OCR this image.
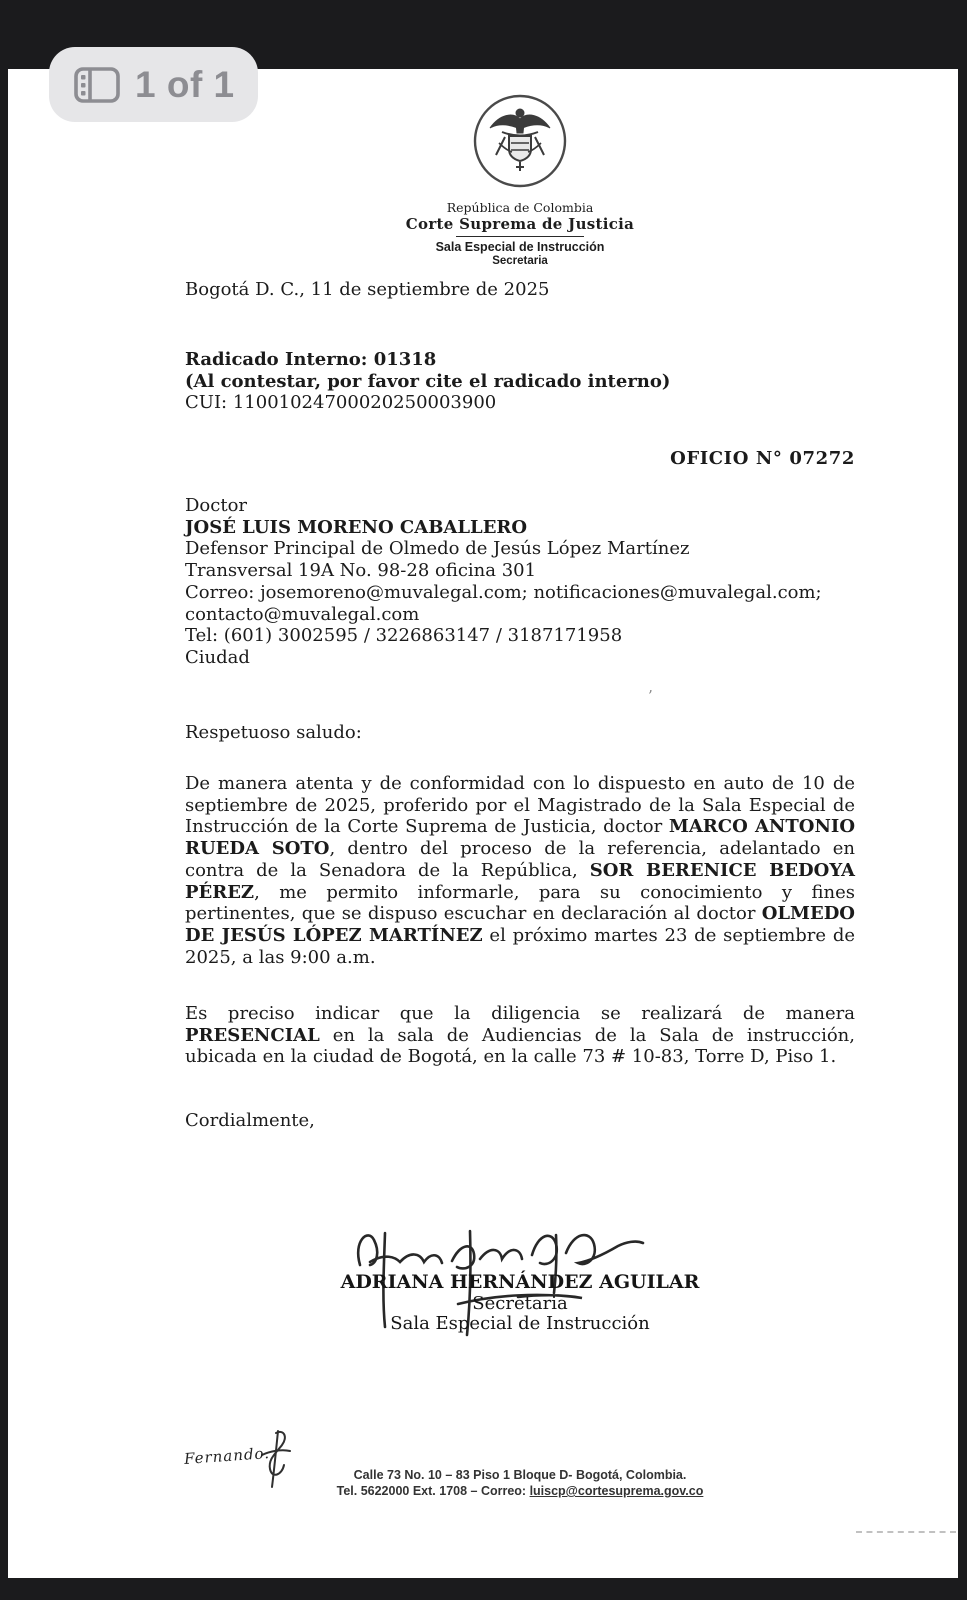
República de Colombia
Corte Suprema de Justicia
Sala Especial de Instrucción
Secretaria
Bogotá D. C., 11 de septiembre de 2025
Radicado Interno: 01318
(Al contestar, por favor cite el radicado interno)
CUI: 11001024700020250003900
OFICIO N° 07272
Doctor
JOSÉ LUIS MORENO CABALLERO
Defensor Principal de Olmedo de Jesús López Martínez
Transversal 19A No. 98-28 oficina 301
Correo: josemoreno@muvalegal.com; notificaciones@muvalegal.com;
contacto@muvalegal.com
Tel: (601) 3002595 / 3226863147 / 3187171958
Ciudad
Respetuoso saludo:
’

De manera atenta y de conformidad con lo dispuesto en auto de 10 de septiembre de 2025, proferido por el Magistrado de la Sala Especial de Instrucción de la Corte Suprema de Justicia, doctor MARCO ANTONIO RUEDA SOTO, dentro del proceso de la referencia, adelantado en contra de la Senadora de la República, SOR BERENICE BEDOYA PÉREZ, me permito informarle, para su conocimiento y fines pertinentes, que se dispuso escuchar en declaración al doctor OLMEDO DE JESÚS LÓPEZ MARTÍNEZ el próximo martes 23 de septiembre de 2025, a las 9:00 a.m.

Es preciso indicar que la diligencia se realizará de manera PRESENCIAL en la sala de Audiencias de la Sala de instrucción, ubicada en la ciudad de Bogotá, en la calle 73 # 10-83, Torre D, Piso 1.

Cordialmente,
ADRIANA HERNÁNDEZ AGUILAR
Secretaria
Sala Especial de Instrucción
Fernando.
Calle 73 No. 10 – 83 Piso 1 Bloque D- Bogotá, Colombia.
Tel. 5622000 Ext. 1708 – Correo: luiscp@cortesuprema.gov.co
1 of 1
